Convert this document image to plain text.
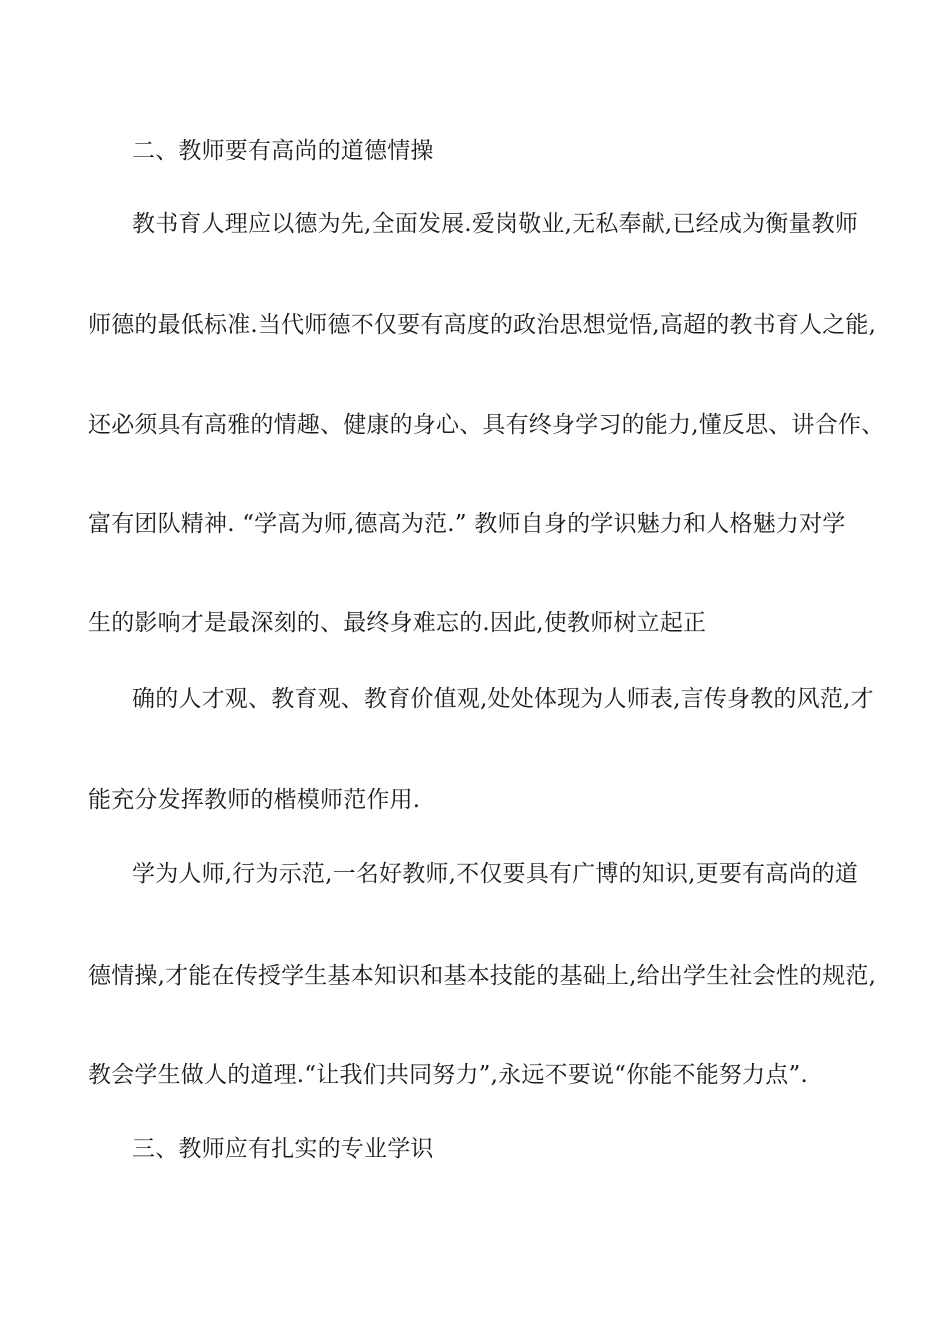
二、教师要有高尚的道德情操
教书育人理应以德为先,全面发展.爱岗敬业,无私奉献,已经成为衡量教师
师德的最低标准.当代师德不仅要有高度的政治思想觉悟,高超的教书育人之能,
还必须具有高雅的情趣、健康的身心、具有终身学习的能力,懂反思、讲合作、
富有团队精神. “学高为师,德高为范.” 教师自身的学识魅力和人格魅力对学
生的影响才是最深刻的、最终身难忘的.因此,使教师树立起正
确的人才观、教育观、教育价值观,处处体现为人师表,言传身教的风范,才
能充分发挥教师的楷模师范作用.
学为人师,行为示范,一名好教师,不仅要具有广博的知识,更要有高尚的道
德情操,才能在传授学生基本知识和基本技能的基础上,给出学生社会性的规范,
教会学生做人的道理.“让我们共同努力”,永远不要说“你能不能努力点”.
三、教师应有扎实的专业学识
